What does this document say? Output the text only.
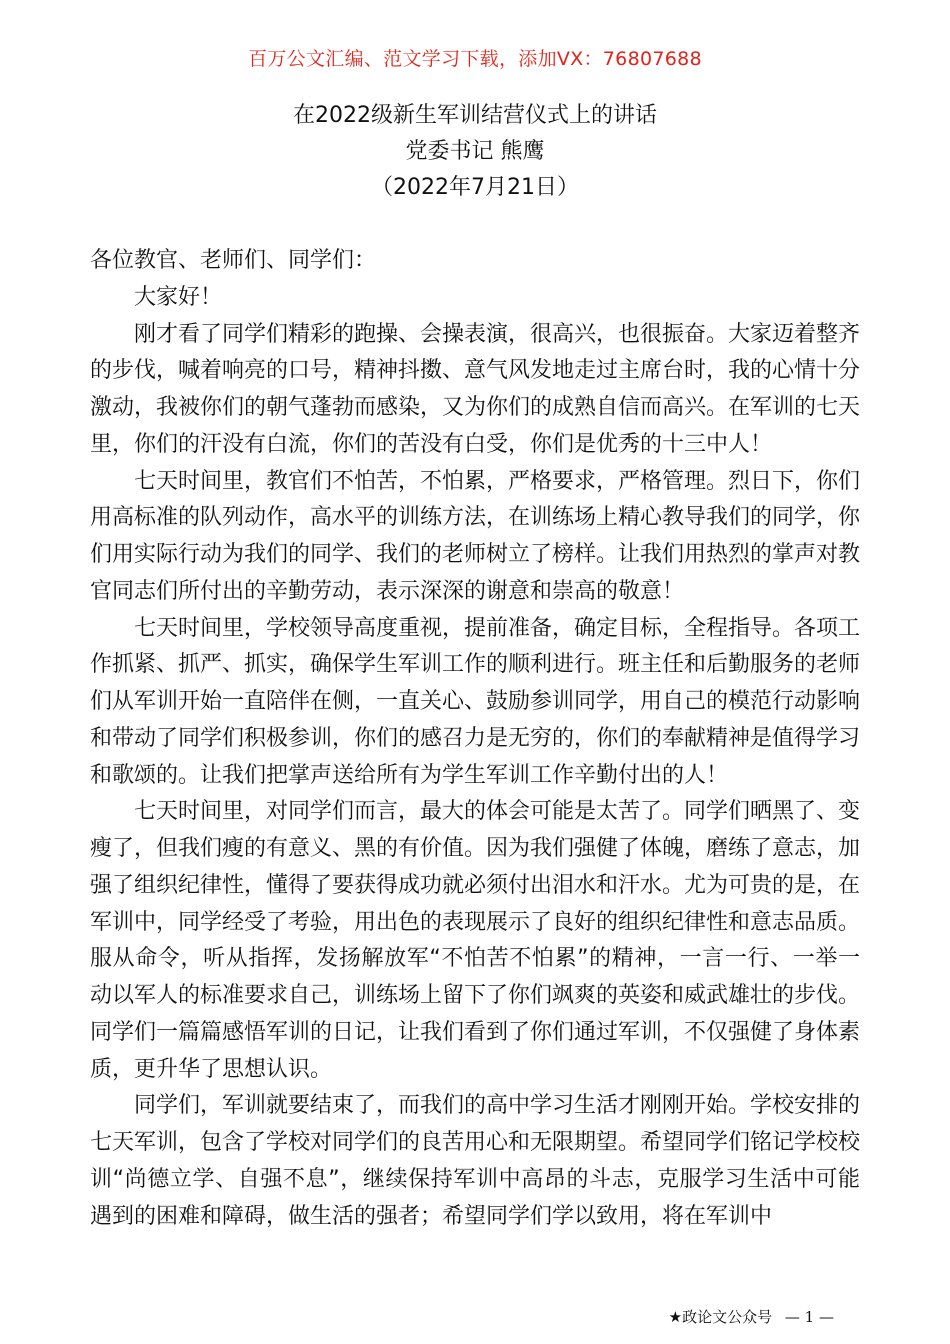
百万公文汇编、范文学习下载，添加VX：76807688
在2022级新生军训结营仪式上的讲话
党委书记 熊鹰
（2022年7月21日）

各位教官、老师们、同学们：

大家好！

刚才看了同学们精彩的跑操、会操表演，很高兴，也很振奋。大家迈着整齐的步伐，喊着响亮的口号，精神抖擞、意气风发地走过主席台时，我的心情十分激动，我被你们的朝气蓬勃而感染，又为你们的成熟自信而高兴。在军训的七天里，你们的汗没有白流，你们的苦没有白受，你们是优秀的十三中人！

七天时间里，教官们不怕苦，不怕累，严格要求，严格管理。烈日下，你们用高标准的队列动作，高水平的训练方法，在训练场上精心教导我们的同学，你们用实际行动为我们的同学、我们的老师树立了榜样。让我们用热烈的掌声对教官同志们所付出的辛勤劳动，表示深深的谢意和崇高的敬意！

七天时间里，学校领导高度重视，提前准备，确定目标，全程指导。各项工作抓紧、抓严、抓实，确保学生军训工作的顺利进行。班主任和后勤服务的老师们从军训开始一直陪伴在侧，一直关心、鼓励参训同学，用自己的模范行动影响和带动了同学们积极参训，你们的感召力是无穷的，你们的奉献精神是值得学习和歌颂的。让我们把掌声送给所有为学生军训工作辛勤付出的人！

七天时间里，对同学们而言，最大的体会可能是太苦了。同学们晒黑了、变瘦了，但我们瘦的有意义、黑的有价值。因为我们强健了体魄，磨练了意志，加强了组织纪律性，懂得了要获得成功就必须付出泪水和汗水。尤为可贵的是，在军训中，同学经受了考验，用出色的表现展示了良好的组织纪律性和意志品质。服从命令，听从指挥，发扬解放军“不怕苦不怕累”的精神，一言一行、一举一动以军人的标准要求自己，训练场上留下了你们飒爽的英姿和威武雄壮的步伐。同学们一篇篇感悟军训的日记，让我们看到了你们通过军训，不仅强健了身体素质，更升华了思想认识。

同学们，军训就要结束了，而我们的高中学习生活才刚刚开始。学校安排的七天军训，包含了学校对同学们的良苦用心和无限期望。希望同学们铭记学校校训“尚德立学、自强不息”，继续保持军训中高昂的斗志，克服学习生活中可能遇到的困难和障碍，做生活的强者；希望同学们学以致用，将在军训中

★政论文公众号 — 1 —
